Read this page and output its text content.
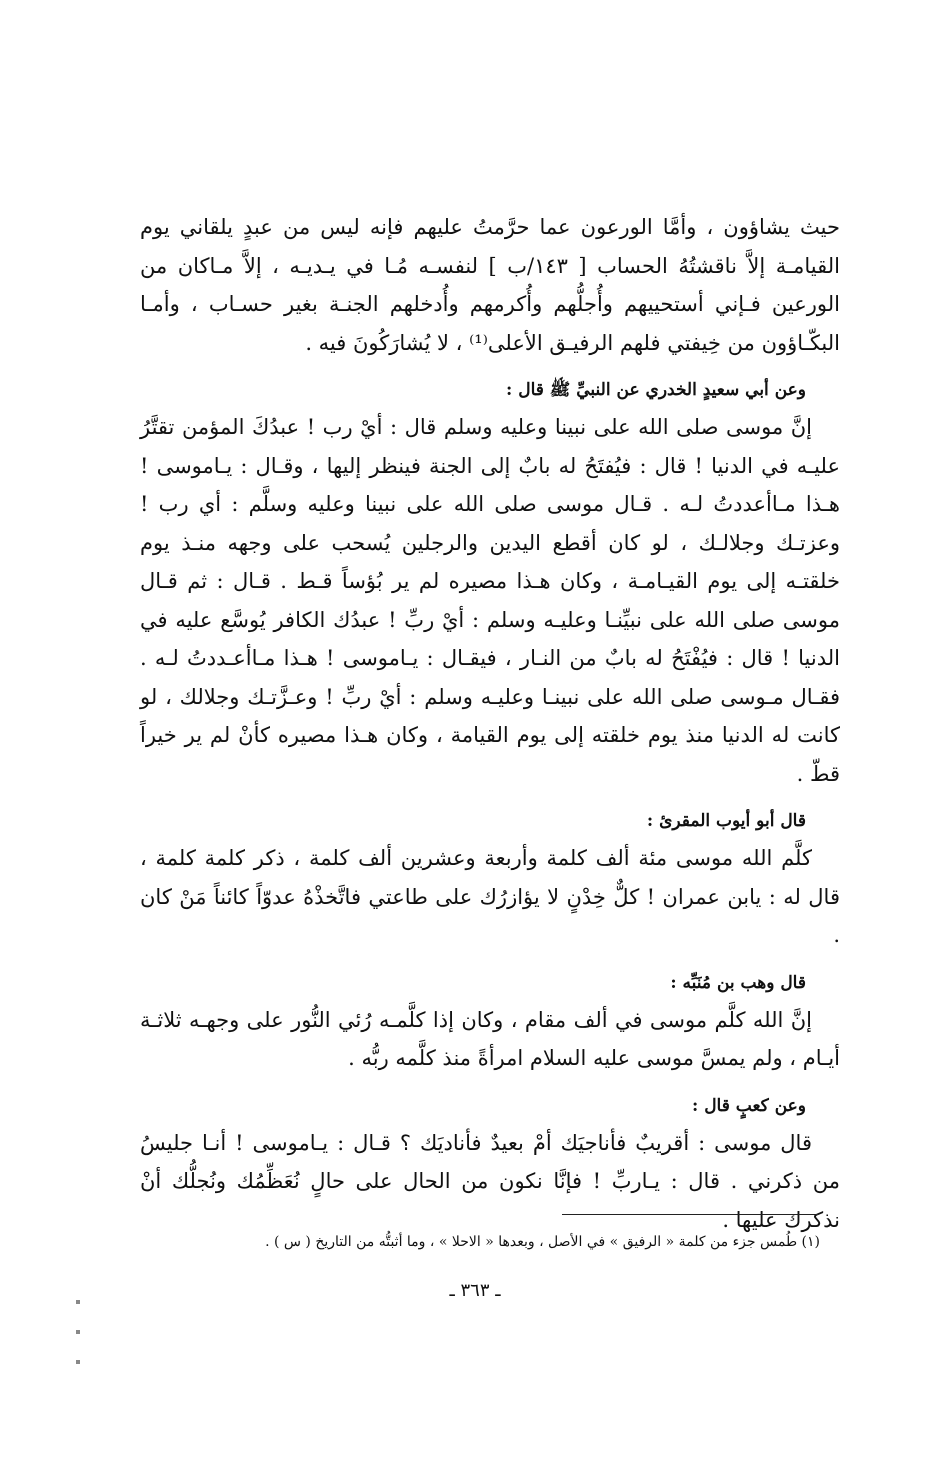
حيث يشاؤون ، وأمَّا الورعون عما حرَّمتُ عليهم فإنه ليس من عبدٍ يلقاني يوم القيامـة إلاَّ ناقشتُهُ الحساب [ ١٤٣/ب ] لنفسـه مُـا في يـديـه ، إلاَّ مـاكان من الورعين فـإني أستحييهم وأُجلُّهم وأُكرمهم وأُدخلهم الجنـة بغير حسـاب ، وأمـا البكّـاؤون من خِيفتي فلهم الرفيـق الأعلى⁽¹⁾ ، لا يُشارَكُونَ فيه .

وعن أبي سعيدٍ الخدري عن النبيِّ ﷺ قال :

إنَّ موسى صلى الله على نبينا وعليه وسلم قال : أيْ رب ! عبدُكَ المؤمن تقتَّرُ عليـه في الدنيا ! قال : فيُفتَحُ له بابٌ إلى الجنة فينظر إليها ، وقـال : يـاموسى ! هـذا مـاأعددتُ لـه . قـال موسى صلى الله على نبينا وعليه وسلَّم : أي رب ! وعزتـك وجلالـك ، لو كان أقطع اليدين والرجلين يُسحب على وجهه منـذ يوم خلقتـه إلى يوم القيـامـة ، وكان هـذا مصيره لم ير بُؤساً قـط . قـال : ثم قـال موسى صلى الله على نبيِّنـا وعليـه وسلم : أيْ ربِّ ! عبدُك الكافر يُوسَّع عليه في الدنيا ! قال : فيُفْتَحُ له بابٌ من النـار ، فيقـال : يـاموسى ! هـذا مـاأعـددتُ لـه . فقـال مـوسى صلى الله على نبينـا وعليـه وسلم : أيْ ربِّ ! وعـزَّتـك وجلالك ، لو كانت له الدنيا منذ يوم خلقته إلى يوم القيامة ، وكان هـذا مصيره كأنْ لم ير خيراً قطّ .

قال أبو أيوب المقرئ :

كلَّم الله موسى مئة ألف كلمة وأربعة وعشرين ألف كلمة ، ذكر كلمة كلمة ، قال له : يابن عمران ! كلٌّ خِدْنٍ لا يؤازرُك على طاعتي فاتَّخذْهُ عدوّاً كائناً مَنْ كان .

قال وهب بن مُنَبِّه :

إنَّ الله كلَّم موسى في ألف مقام ، وكان إذا كلَّمـه رُئي النُّور على وجهـه ثلاثـة أيـام ، ولم يمسَّ موسى عليه السلام امرأةً منذ كلَّمه ربُّه .

وعن كعبٍ قال :

قال موسى : أقريبٌ فأناجيَك أمْ بعيدٌ فأناديَك ؟ قـال : يـاموسى ! أنـا جليسُ من ذكرني . قال : يـاربِّ ! فإنَّا نكون من الحال على حالٍ نُعَظِّمُك ونُجلُّك أنْ نذكرك عليها .

(١) طُمس جزء من كلمة « الرفيق » في الأصل ، وبعدها « الاحلا » ، وما أثبتُّه من التاريخ ( س ) .
ـ ٣٦٣ ـ
